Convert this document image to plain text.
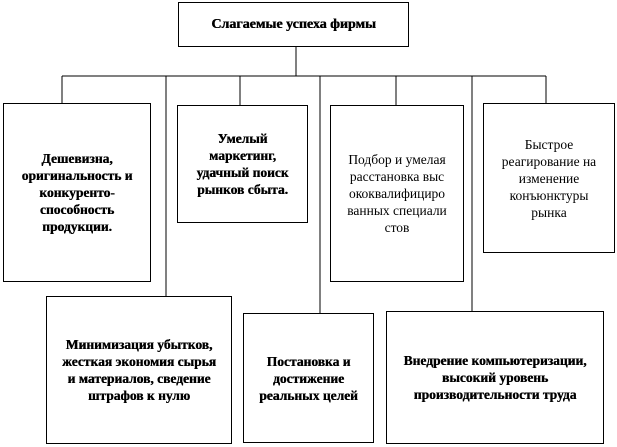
Слагаемые успеха фирмы
Дешевизна, оригинальность и конкуренто-способность продукции.
Умелый маркетинг, удачный поиск рынков сбыта.
Подбор и умелая расстановка высококвалифицированных специалистов
Быстрое реагирование на изменение конъюнктуры рынка
Минимизация убытков, жесткая экономия сырья и материалов, сведение штрафов к нулю
Постановка и достижение реальных целей
Внедрение компьютеризации, высокий уровень производительности труда
